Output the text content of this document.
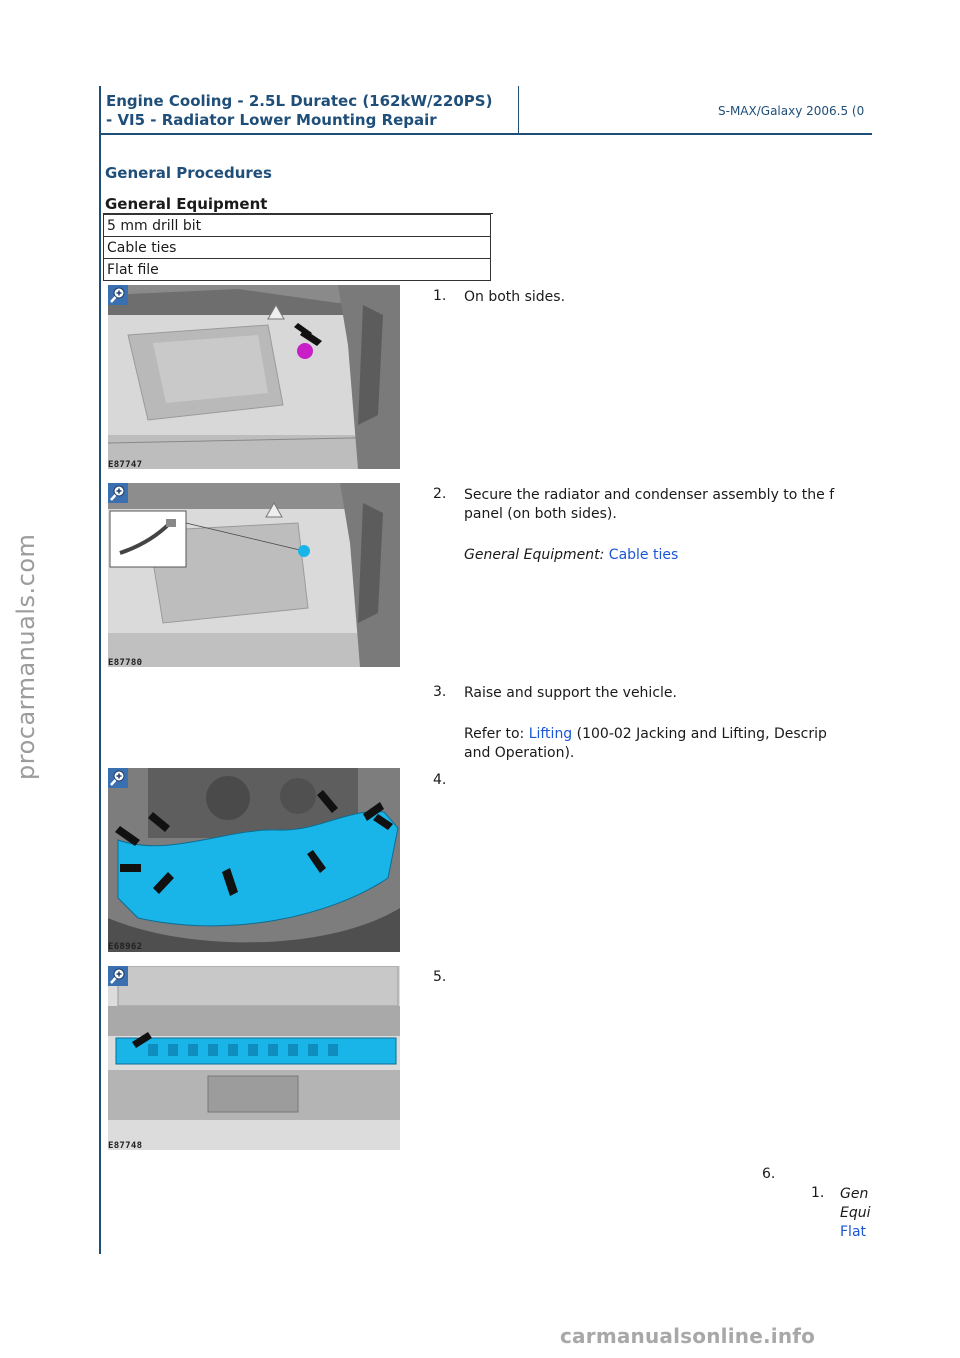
Engine Cooling - 2.5L Duratec (162kW/220PS)
- VI5 - Radiator Lower Mounting Repair	S-MAX/Galaxy 2006.5 (0
General Procedures
General Equipment
5 mm drill bit
Cable ties
Flat file
E87747
1. On both sides.
E87780
2. Secure the radiator and condenser assembly to the f
panel (on both sides).
General Equipment: Cable ties
3. Raise and support the vehicle.
Refer to: Lifting (100-02 Jacking and Lifting, Descrip
and Operation).
E68962
4.
E87748
5.
6.
1. Gen
Equi
Flat
procarmanuals.com
carmanualsonline.info
